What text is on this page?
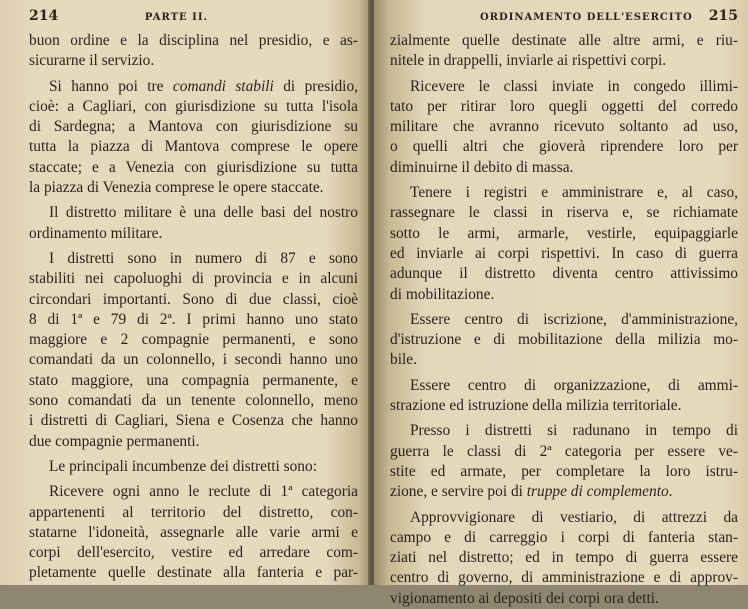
214	PARTE II.
buon ordine e la disciplina nel presidio, e as-
sicurarne il servizio.
Si hanno poi tre comandi stabili di presidio,
cioè: a Cagliari, con giurisdizione su tutta l'isola
di Sardegna; a Mantova con giurisdizione su
tutta la piazza di Mantova comprese le opere
staccate; e a Venezia con giurisdizione su tutta
la piazza di Venezia comprese le opere staccate.
Il distretto militare è una delle basi del nostro
ordinamento militare.
I distretti sono in numero di 87 e sono
stabiliti nei capoluoghi di provincia e in alcuni
circondari importanti. Sono di due classi, cioè
8 di 1ª e 79 di 2ª. I primi hanno uno stato
maggiore e 2 compagnie permanenti, e sono
comandati da un colonnello, i secondi hanno uno
stato maggiore, una compagnia permanente, e
sono comandati da un tenente colonnello, meno
i distretti di Cagliari, Siena e Cosenza che hanno
due compagnie permanenti.
Le principali incumbenze dei distretti sono:
Ricevere ogni anno le reclute di 1ª categoria
appartenenti al territorio del distretto, con-
statarne l'idoneità, assegnarle alle varie armi e
corpi dell'esercito, vestire ed arredare com-
pletamente quelle destinate alla fanteria e par-
ORDINAMENTO DELL'ESERCITO 215
zialmente quelle destinate alle altre armi, e riu-
nitele in drappelli, inviarle ai rispettivi corpi.
Ricevere le classi inviate in congedo illimi-
tato per ritirar loro quegli oggetti del corredo
militare che avranno ricevuto soltanto ad uso,
o quelli altri che gioverà riprendere loro per
diminuirne il debito di massa.
Tenere i registri e amministrare e, al caso,
rassegnare le classi in riserva e, se richiamate
sotto le armi, armarle, vestirle, equipaggiarle
ed inviarle ai corpi rispettivi. In caso di guerra
adunque il distretto diventa centro attivissimo
di mobilitazione.
Essere centro di iscrizione, d'amministrazione,
d'istruzione e di mobilitazione della milizia mo-
bile.
Essere centro di organizzazione, di ammi-
strazione ed istruzione della milizia territoriale.
Presso i distretti si radunano in tempo di
guerra le classi di 2ª categoria per essere ve-
stite ed armate, per completare la loro istru-
zione, e servire poi di truppe di complemento.
Approvvigionare di vestiario, di attrezzi da
campo e di carreggio i corpi di fanteria stan-
ziati nel distretto; ed in tempo di guerra essere
centro di governo, di amministrazione e di approv-
vigionamento ai depositi dei corpi ora detti.
